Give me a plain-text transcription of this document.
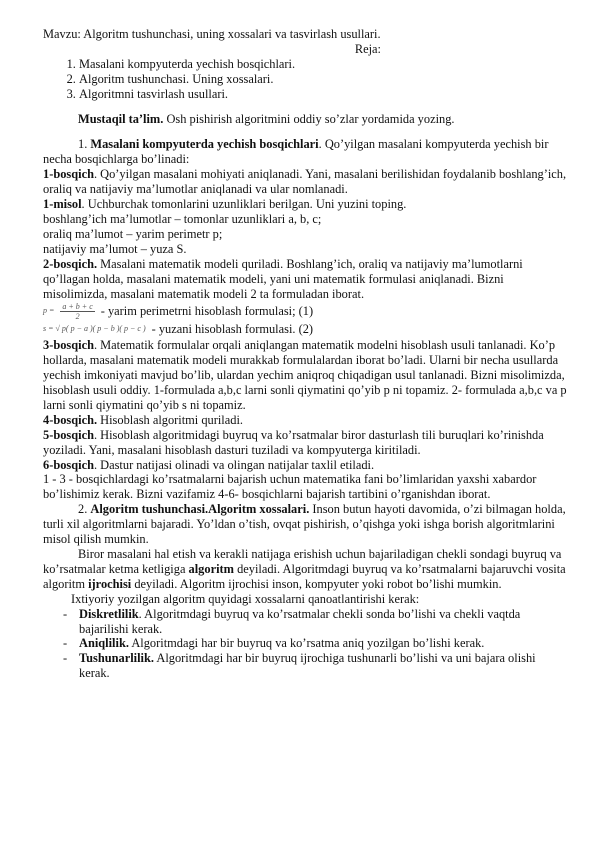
Mavzu: Algoritm tushunchasi, uning xossalari va tasvirlash usullari.

Reja:

1. Masalani kompyuterda yechish bosqichlari.
2. Algoritm tushunchasi. Uning xossalari.
3. Algoritmni tasvirlash usullari.

Mustaqil ta’lim. Osh pishirish algoritmini oddiy so’zlar yordamida yozing.

1. Masalani kompyuterda yechish bosqichlari. Qo’yilgan masalani kompyuterda yechish bir necha bosqichlarga bo’linadi:

1-bosqich. Qo’yilgan masalani mohiyati aniqlanadi. Yani, masalani berilishidan foydalanib boshlang’ich, oraliq va natijaviy ma’lumotlar aniqlanadi va ular nomlanadi.

1-misol. Uchburchak tomonlarini uzunliklari berilgan. Uni yuzini toping.

boshlang’ich ma’lumotlar – tomonlar uzunliklari a, b, c;

oraliq ma’lumot – yarim perimetr p;

natijaviy ma’lumot – yuza S.

2-bosqich. Masalani matematik modeli quriladi. Boshlang’ich, oraliq va natijaviy ma’lumotlarni qo’llagan holda, masalani matematik modeli, yani uni matematik formulasi aniqlanadi. Bizni misolimizda, masalani matematik modeli 2 ta formuladan iborat.

$p = \frac{a + b + c}{2}$ - yarim perimetrni hisoblash formulasi; (1)
s = √ p( p − a )( p − b )( p − c ) - yuzani hisoblash formulasi. (2)

3-bosqich. Matematik formulalar orqali aniqlangan matematik modelni hisoblash usuli tanlanadi. Ko’p hollarda, masalani matematik modeli murakkab formulalardan iborat bo’ladi. Ularni bir necha usullarda yechish imkoniyati mavjud bo’lib, ulardan yechim aniqroq chiqadigan usul tanlanadi. Bizni misolimizda, hisoblash usuli oddiy. 1-formulada a,b,c larni sonli qiymatini qo’yib p ni topamiz. 2- formulada a,b,c va p larni sonli qiymatini qo’yib s ni topamiz.

4-bosqich. Hisoblash algoritmi quriladi.

5-bosqich. Hisoblash algoritmidagi buyruq va ko’rsatmalar biror dasturlash tili buruqlari ko’rinishda yoziladi. Yani, masalani hisoblash dasturi tuziladi va kompyuterga kiritiladi.

6-bosqich. Dastur natijasi olinadi va olingan natijalar taxlil etiladi.

1 - 3 - bosqichlardagi ko’rsatmalarni bajarish uchun matematika fani bo’limlaridan yaxshi xabardor bo’lishimiz kerak. Bizni vazifamiz 4-6- bosqichlarni bajarish tartibini o’rganishdan iborat.

2. Algoritm tushunchasi.Algoritm xossalari. Inson butun hayoti davomida, o’zi bilmagan holda, turli xil algoritmlarni bajaradi. Yo’ldan o’tish, ovqat pishirish, o’qishga yoki ishga borish algoritmlarini misol qilish mumkin.

Biror masalani hal etish va kerakli natijaga erishish uchun bajariladigan chekli sondagi buyruq va ko’rsatmalar ketma ketligiga algoritm deyiladi. Algoritmdagi buyruq va ko’rsatmalarni bajaruvchi vosita algoritm ijrochisi deyiladi. Algoritm ijrochisi inson, kompyuter yoki robot bo’lishi mumkin.

Ixtiyoriy yozilgan algoritm quyidagi xossalarni qanoatlantirishi kerak:

- Diskretlilik. Algoritmdagi buyruq va ko’rsatmalar chekli sonda bo’lishi va chekli vaqtda bajarilishi kerak.
- Aniqlilik. Algoritmdagi har bir buyruq va ko’rsatma aniq yozilgan bo’lishi kerak.
- Tushunarlilik. Algoritmdagi har bir buyruq ijrochiga tushunarli bo’lishi va uni bajara olishi kerak.
